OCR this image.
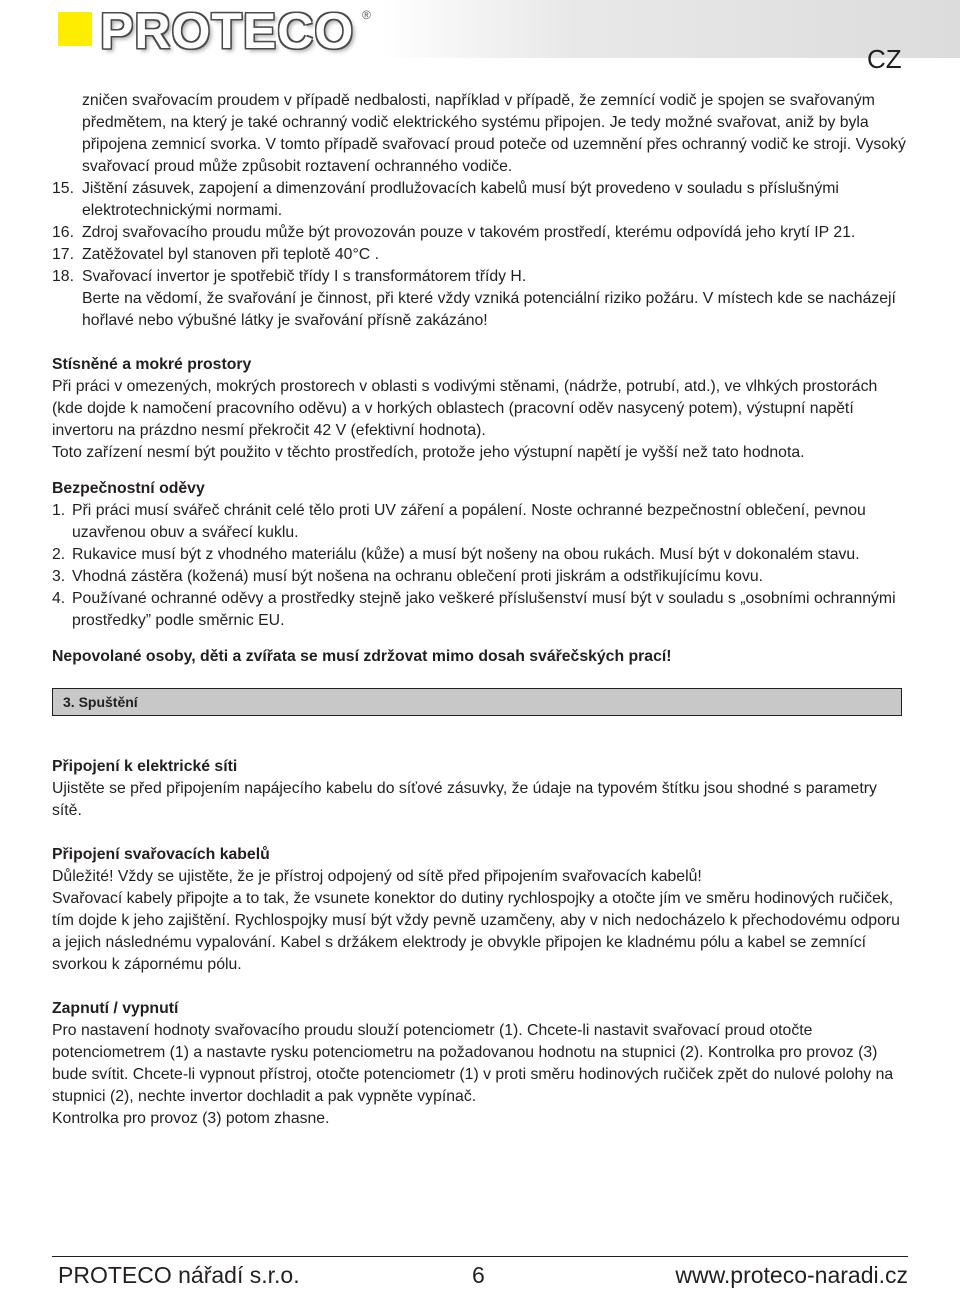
PROTECO ®
CZ

zničen svařovacím proudem v případě nedbalosti, například v případě, že zemnící vodič je spojen se svařovaným předmětem, na který je také ochranný vodič elektrického systému připojen. Je tedy možné svařovat, aniž by byla připojena zemnicí svorka. V tomto případě svařovací proud poteče od uzemnění přes ochranný vodič ke stroji. Vysoký svařovací proud může způsobit roztavení ochranného vodiče.

15. Jištění zásuvek, zapojení a dimenzování prodlužovacích kabelů musí být provedeno v souladu s příslušnými elektrotechnickými normami.

16. Zdroj svařovacího proudu může být provozován pouze v takovém prostředí, kterému odpovídá jeho krytí IP 21.

17. Zatěžovatel byl stanoven při teplotě 40°C .

18. Svařovací invertor je spotřebič třídy I s transformátorem třídy H.

Berte na vědomí, že svařování je činnost, při které vždy vzniká potenciální riziko požáru. V místech kde se nacházejí hořlavé nebo výbušné látky je svařování přísně zakázáno!

Stísněné a mokré prostory

Při práci v omezených, mokrých prostorech v oblasti s vodivými stěnami, (nádrže, potrubí, atd.), ve vlhkých prostorách (kde dojde k namočení pracovního oděvu) a v horkých oblastech (pracovní oděv nasycený potem), výstupní napětí invertoru na prázdno nesmí překročit 42 V (efektivní hodnota).

Toto zařízení nesmí být použito v těchto prostředích, protože jeho výstupní napětí je vyšší než tato hodnota.

Bezpečnostní oděvy
1. Při práci musí svářeč chránit celé tělo proti UV záření a popálení. Noste ochranné bezpečnostní oblečení, pevnou uzavřenou obuv a svářecí kuklu.

2. Rukavice musí být z vhodného materiálu (kůže) a musí být nošeny na obou rukách. Musí být v dokonalém stavu.

3. Vhodná zástěra (kožená) musí být nošena na ochranu oblečení proti jiskrám a odstřikujícímu kovu.

4. Používané ochranné oděvy a prostředky stejně jako veškeré příslušenství musí být v souladu s „osobními ochrannými prostředky” podle směrnic EU.

Nepovolané osoby, děti a zvířata se musí zdržovat mimo dosah svářečských prací!

3. Spuštění
Připojení k elektrické síti

Ujistěte se před připojením napájecího kabelu do síťové zásuvky, že údaje na typovém štítku jsou shodné s parametry sítě.

Připojení svařovacích kabelů

Důležité! Vždy se ujistěte, že je přístroj odpojený od sítě před připojením svařovacích kabelů!

Svařovací kabely připojte a to tak, že vsunete konektor do dutiny rychlospojky a otočte jím ve směru hodinových ručiček, tím dojde k jeho zajištění. Rychlospojky musí být vždy pevně uzamčeny, aby v nich nedocházelo k přechodovému odporu a jejich následnému vypalování. Kabel s držákem elektrody je obvykle připojen ke kladnému pólu a kabel se zemnící svorkou k zápornému pólu.

Zapnutí / vypnutí

Pro nastavení hodnoty svařovacího proudu slouží potenciometr (1). Chcete-li nastavit svařovací proud otočte potenciometrem (1) a nastavte rysku potenciometru na požadovanou hodnotu na stupnici (2). Kontrolka pro provoz (3) bude svítit. Chcete-li vypnout přístroj, otočte potenciometr (1) v proti směru hodinových ručiček zpět do nulové polohy na stupnici (2), nechte invertor dochladit a pak vypněte vypínač.

Kontrolka pro provoz (3) potom zhasne.

PROTECO nářadí s.r.o.	6	www.proteco-naradi.cz
